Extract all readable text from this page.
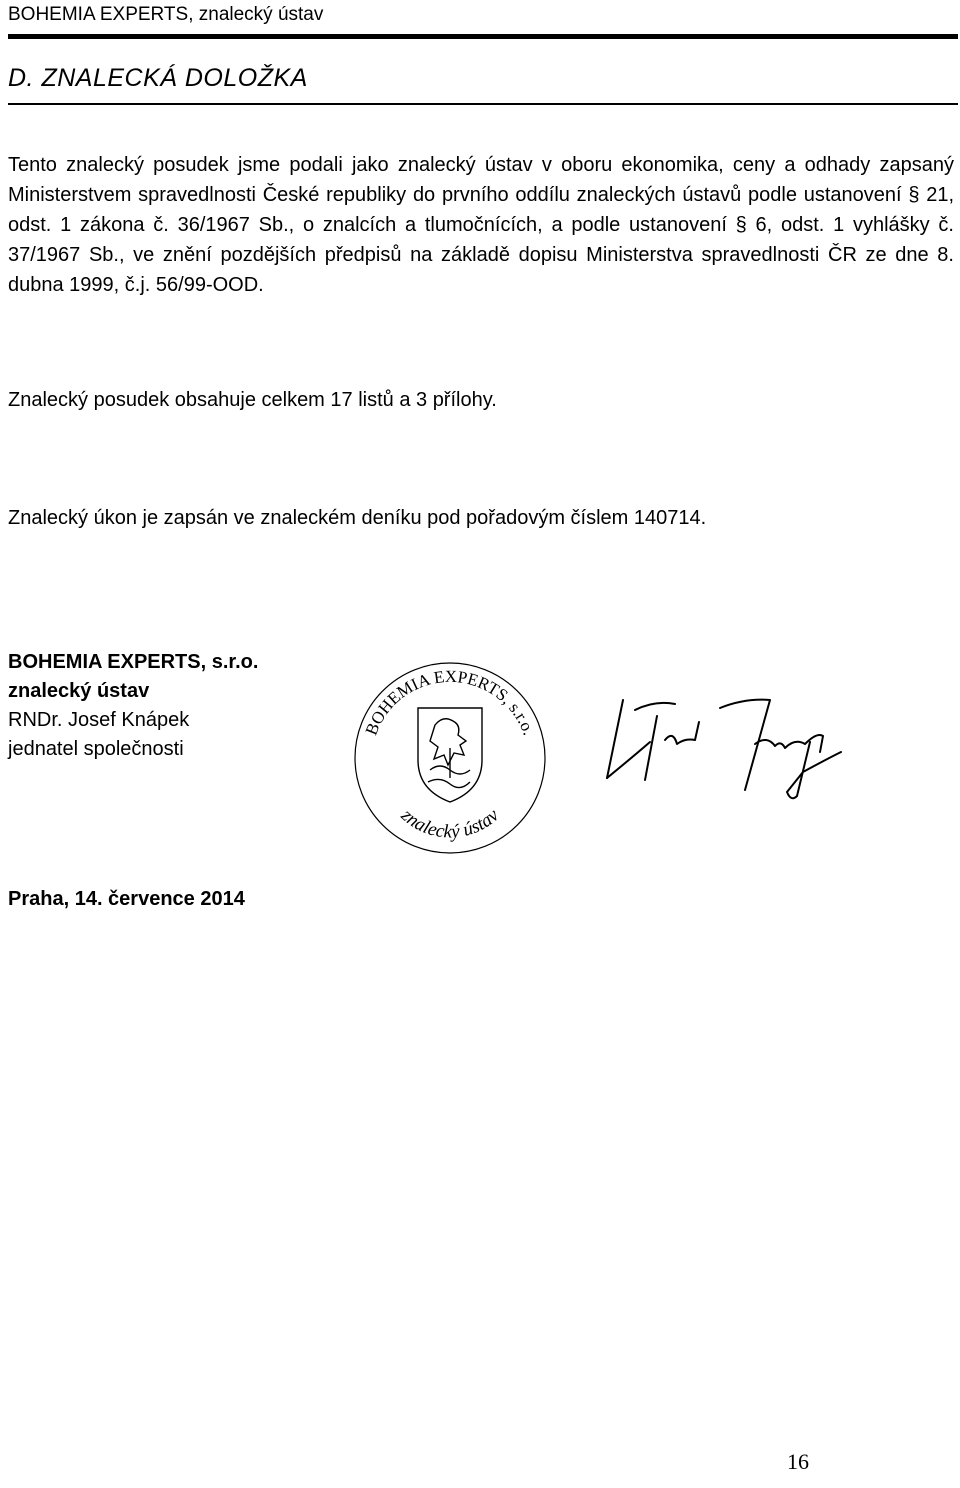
BOHEMIA EXPERTS, znalecký ústav
D. ZNALECKÁ DOLOŽKA
Tento znalecký posudek jsme podali jako znalecký ústav v oboru ekonomika, ceny a odhady zapsaný Ministerstvem spravedlnosti České republiky do prvního oddílu znaleckých ústavů podle ustanovení § 21, odst. 1 zákona č. 36/1967 Sb., o znalcích a tlumočnících, a podle ustanovení § 6, odst. 1 vyhlášky č. 37/1967 Sb., ve znění pozdějších předpisů na základě dopisu Ministerstva spravedlnosti ČR ze dne 8. dubna 1999, č.j. 56/99-OOD.
Znalecký posudek obsahuje celkem 17 listů a 3 přílohy.
Znalecký úkon je zapsán ve znaleckém deníku pod pořadovým číslem 140714.
BOHEMIA EXPERTS, s.r.o.
znalecký ústav
RNDr. Josef Knápek
jednatel společnosti
BOHEMIA EXPERTS, s.r.o.
znalecký ústav
Praha, 14. července 2014
16
